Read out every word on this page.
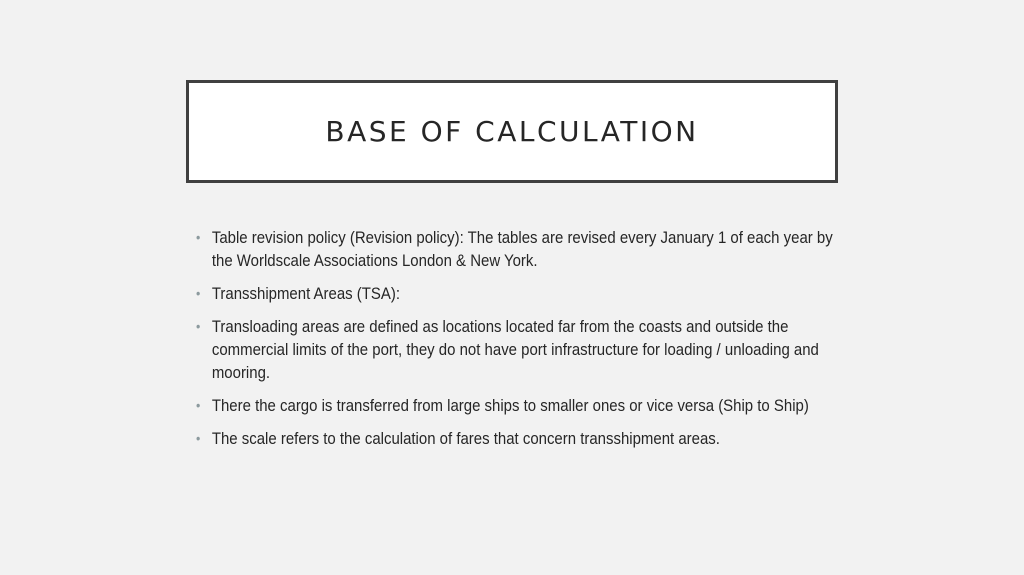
BASE OF CALCULATION
• Table revision policy (Revision policy): The tables are revised every January 1 of each year by the Worldscale Associations London & New York.
• Transshipment Areas (TSA):
• Transloading areas are defined as locations located far from the coasts and outside the commercial limits of the port, they do not have port infrastructure for loading / unloading and mooring.
• There the cargo is transferred from large ships to smaller ones or vice versa (Ship to Ship)
• The scale refers to the calculation of fares that concern transshipment areas.
